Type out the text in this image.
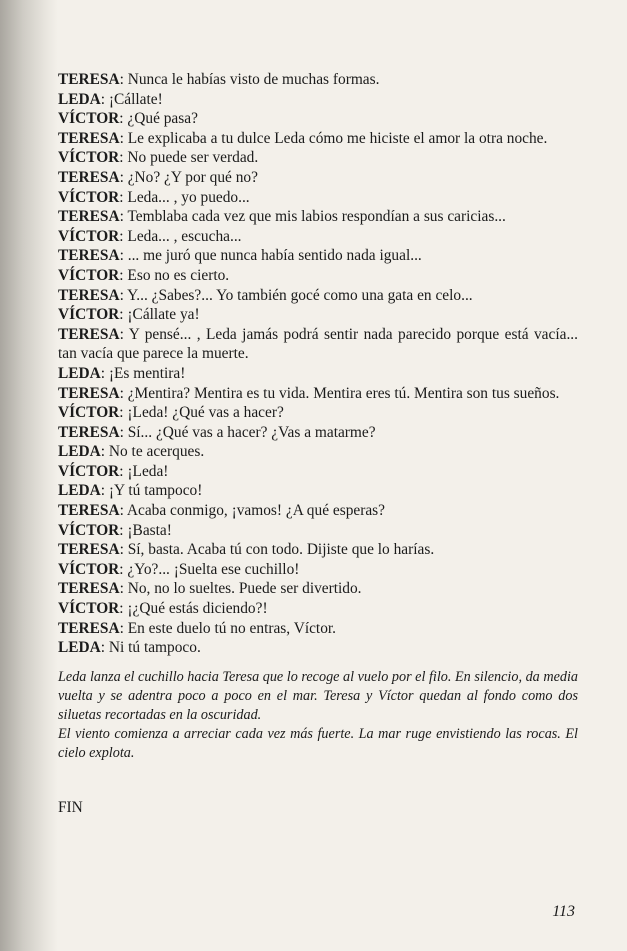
TERESA: Nunca le habías visto de muchas formas.
LEDA: ¡Cállate!
VÍCTOR: ¿Qué pasa?
TERESA: Le explicaba a tu dulce Leda cómo me hiciste el amor la otra noche.
VÍCTOR: No puede ser verdad.
TERESA: ¿No? ¿Y por qué no?
VÍCTOR: Leda... , yo puedo...
TERESA: Temblaba cada vez que mis labios respondían a sus caricias...
VÍCTOR: Leda... , escucha...
TERESA: ... me juró que nunca había sentido nada igual...
VÍCTOR: Eso no es cierto.
TERESA: Y... ¿Sabes?... Yo también gocé como una gata en celo...
VÍCTOR: ¡Cállate ya!
TERESA: Y pensé... , Leda jamás podrá sentir nada parecido porque está vacía... tan vacía que parece la muerte.
LEDA: ¡Es mentira!
TERESA: ¿Mentira? Mentira es tu vida. Mentira eres tú. Mentira son tus sueños.
VÍCTOR: ¡Leda! ¿Qué vas a hacer?
TERESA: Sí... ¿Qué vas a hacer? ¿Vas a matarme?
LEDA: No te acerques.
VÍCTOR: ¡Leda!
LEDA: ¡Y tú tampoco!
TERESA: Acaba conmigo, ¡vamos! ¿A qué esperas?
VÍCTOR: ¡Basta!
TERESA: Sí, basta. Acaba tú con todo. Dijiste que lo harías.
VÍCTOR: ¿Yo?... ¡Suelta ese cuchillo!
TERESA: No, no lo sueltes. Puede ser divertido.
VÍCTOR: ¡¿Qué estás diciendo?!
TERESA: En este duelo tú no entras, Víctor.
LEDA: Ni tú tampoco.

Leda lanza el cuchillo hacia Teresa que lo recoge al vuelo por el filo. En silencio, da media vuelta y se adentra poco a poco en el mar. Teresa y Víctor quedan al fondo como dos siluetas recortadas en la oscuridad.

El viento comienza a arreciar cada vez más fuerte. La mar ruge envistiendo las rocas. El cielo explota.

FIN
113
